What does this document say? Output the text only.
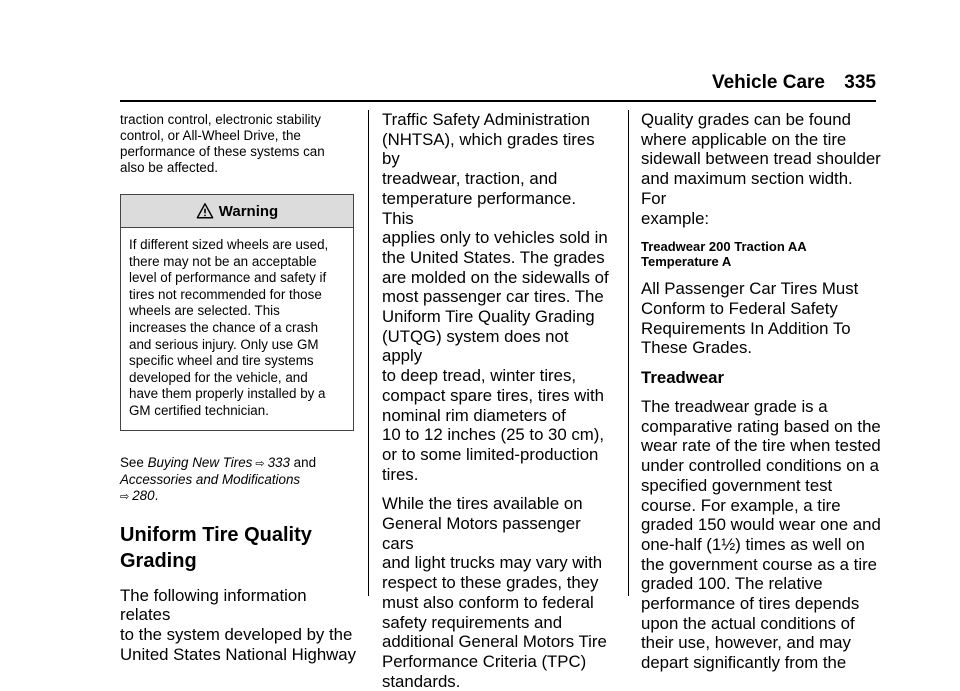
Vehicle Care 335
traction control, electronic stability
control, or All-Wheel Drive, the
performance of these systems can
also be affected.
Warning
If different sized wheels are used,
there may not be an acceptable
level of performance and safety if
tires not recommended for those
wheels are selected. This
increases the chance of a crash
and serious injury. Only use GM
specific wheel and tire systems
developed for the vehicle, and
have them properly installed by a
GM certified technician.
See Buying New Tires ⇨ 333 and
Accessories and Modifications
⇨ 280.
Uniform Tire Quality
Grading
The following information relates
to the system developed by the
United States National Highway
Traffic Safety Administration
(NHTSA), which grades tires by
treadwear, traction, and
temperature performance. This
applies only to vehicles sold in
the United States. The grades
are molded on the sidewalls of
most passenger car tires. The
Uniform Tire Quality Grading
(UTQG) system does not apply
to deep tread, winter tires,
compact spare tires, tires with
nominal rim diameters of
10 to 12 inches (25 to 30 cm),
or to some limited-production
tires.
While the tires available on
General Motors passenger cars
and light trucks may vary with
respect to these grades, they
must also conform to federal
safety requirements and
additional General Motors Tire
Performance Criteria (TPC)
standards.
Quality grades can be found
where applicable on the tire
sidewall between tread shoulder
and maximum section width. For
example:
Treadwear 200 Traction AA
Temperature A
All Passenger Car Tires Must
Conform to Federal Safety
Requirements In Addition To
These Grades.
Treadwear
The treadwear grade is a
comparative rating based on the
wear rate of the tire when tested
under controlled conditions on a
specified government test
course. For example, a tire
graded 150 would wear one and
one-half (1½) times as well on
the government course as a tire
graded 100. The relative
performance of tires depends
upon the actual conditions of
their use, however, and may
depart significantly from the
